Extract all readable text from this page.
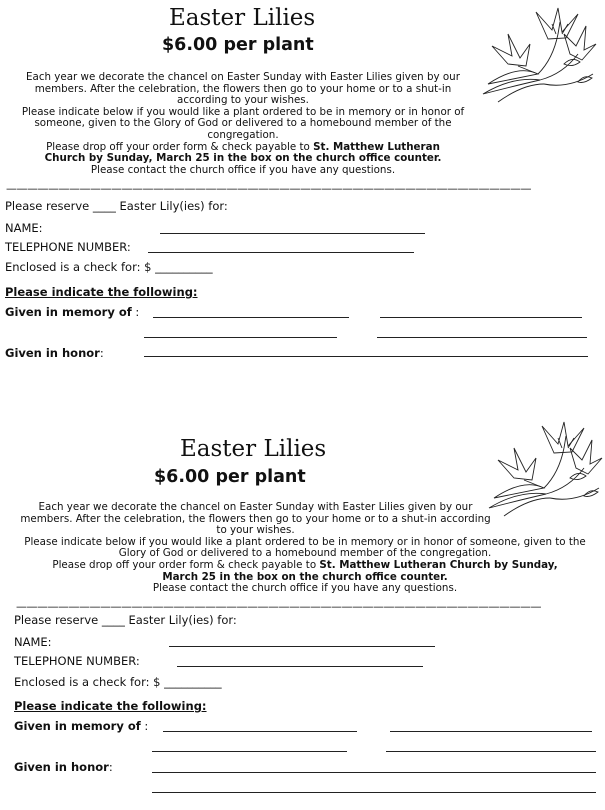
Easter Lilies
$6.00 per plant

Each year we decorate the chancel on Easter Sunday with Easter Lilies given by our members. After the celebration, the flowers then go to your home or to a shut-in according to your wishes.

Please indicate below if you would like a plant ordered to be in memory or in honor of someone, given to the Glory of God or delivered to a homebound member of the congregation.

Please drop off your order form & check payable to St. Matthew Lutheran Church by Sunday, March 25 in the box on the church office counter.

Please contact the church office if you have any questions.

——————————————————————————————————————————————————
Please reserve ____ Easter Lily(ies) for:
NAME:
TELEPHONE NUMBER:
Enclosed is a check for: $ __________
Please indicate the following:
Given in memory of :
Given in honor:
Easter Lilies
$6.00 per plant

Each year we decorate the chancel on Easter Sunday with Easter Lilies given by our members. After the celebration, the flowers then go to your home or to a shut-in according to your wishes.

Please indicate below if you would like a plant ordered to be in memory or in honor of someone, given to the Glory of God or delivered to a homebound member of the congregation.

Please drop off your order form & check payable to St. Matthew Lutheran Church by Sunday, March 25 in the box on the church office counter.

Please contact the church office if you have any questions.

——————————————————————————————————————————————————
Please reserve ____ Easter Lily(ies) for:
NAME:
TELEPHONE NUMBER:
Enclosed is a check for: $ __________
Please indicate the following:
Given in memory of :
Given in honor:
